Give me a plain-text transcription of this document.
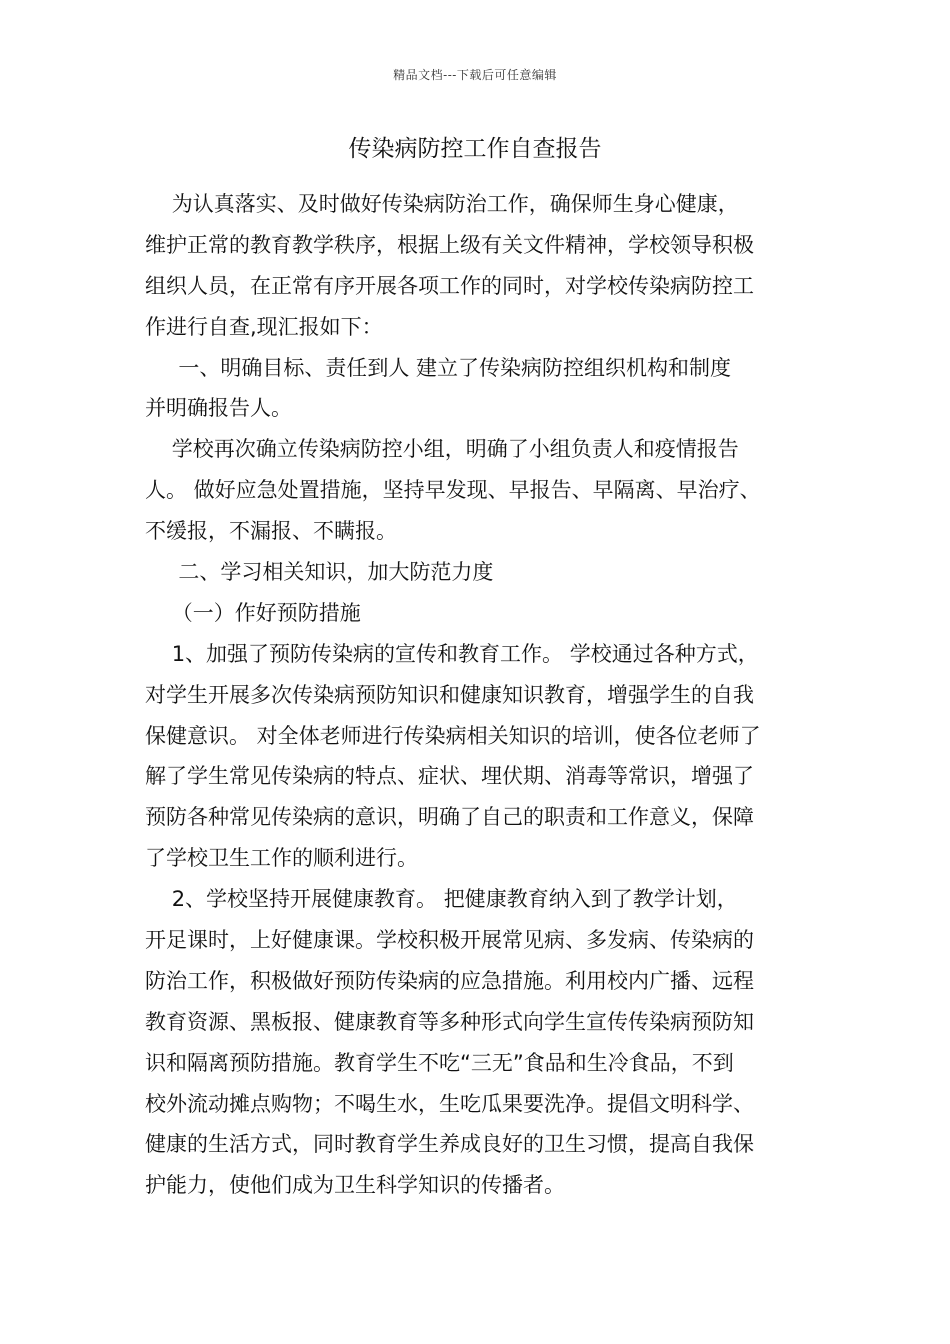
精品文档---下载后可任意编辑
传染病防控工作自查报告
为认真落实、及时做好传染病防治工作，确保师生身心健康，
维护正常的教育教学秩序，根据上级有关文件精神，学校领导积极
组织人员，在正常有序开展各项工作的同时，对学校传染病防控工
作进行自查,现汇报如下：
一、明确目标、责任到人 建立了传染病防控组织机构和制度
并明确报告人。
学校再次确立传染病防控小组，明确了小组负责人和疫情报告
人。 做好应急处置措施，坚持早发现、早报告、早隔离、早治疗、
不缓报，不漏报、不瞒报。
二、学习相关知识，加大防范力度
（一）作好预防措施
1、加强了预防传染病的宣传和教育工作。 学校通过各种方式，
对学生开展多次传染病预防知识和健康知识教育，增强学生的自我
保健意识。 对全体老师进行传染病相关知识的培训，使各位老师了
解了学生常见传染病的特点、症状、埋伏期、消毒等常识，增强了
预防各种常见传染病的意识，明确了自己的职责和工作意义，保障
了学校卫生工作的顺利进行。
2、学校坚持开展健康教育。 把健康教育纳入到了教学计划，
开足课时，上好健康课。学校积极开展常见病、多发病、传染病的
防治工作，积极做好预防传染病的应急措施。利用校内广播、远程
教育资源、黑板报、健康教育等多种形式向学生宣传传染病预防知
识和隔离预防措施。教育学生不吃“三无”食品和生冷食品，不到
校外流动摊点购物；不喝生水，生吃瓜果要洗净。提倡文明科学、
健康的生活方式，同时教育学生养成良好的卫生习惯，提高自我保
护能力，使他们成为卫生科学知识的传播者。
